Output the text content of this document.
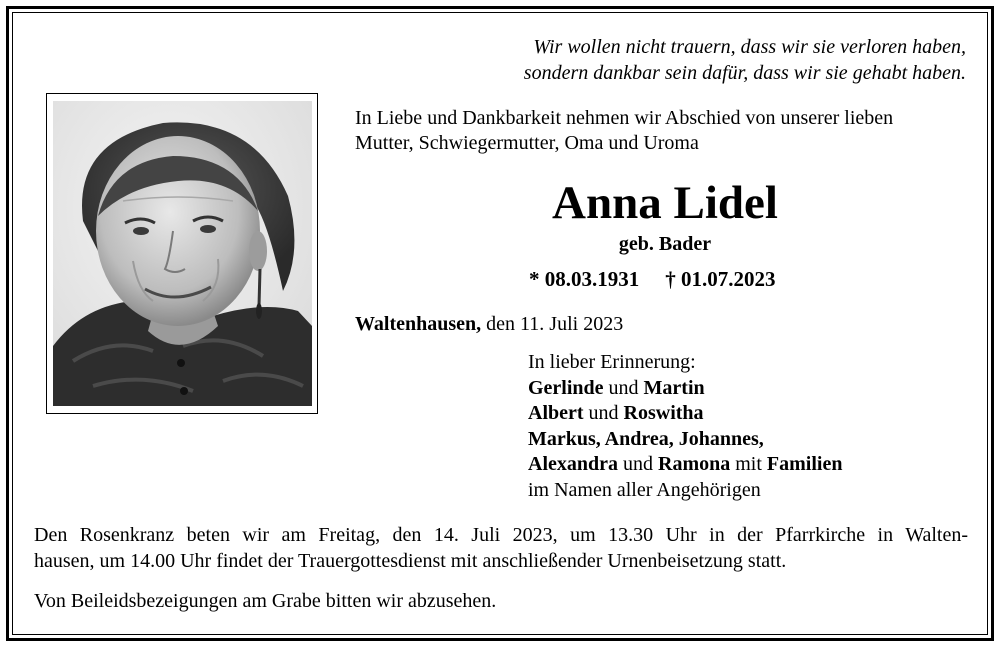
Wir wollen nicht trauern, dass wir sie verloren haben,
sondern dankbar sein dafür, dass wir sie gehabt haben.
In Liebe und Dankbarkeit nehmen wir Abschied von unserer lieben
Mutter, Schwiegermutter, Oma und Uroma
Anna Lidel
geb. Bader
* 08.03.1931 † 01.07.2023
Waltenhausen, den 11. Juli 2023
In lieber Erinnerung:
Gerlinde und Martin
Albert und Roswitha
Markus, Andrea, Johannes,
Alexandra und Ramona mit Familien
im Namen aller Angehörigen
Den Rosenkranz beten wir am Freitag, den 14. Juli 2023, um 13.30 Uhr in der Pfarrkirche in Walten-
hausen, um 14.00 Uhr findet der Trauergottesdienst mit anschließender Urnenbeisetzung statt.
Von Beileidsbezeigungen am Grabe bitten wir abzusehen.
